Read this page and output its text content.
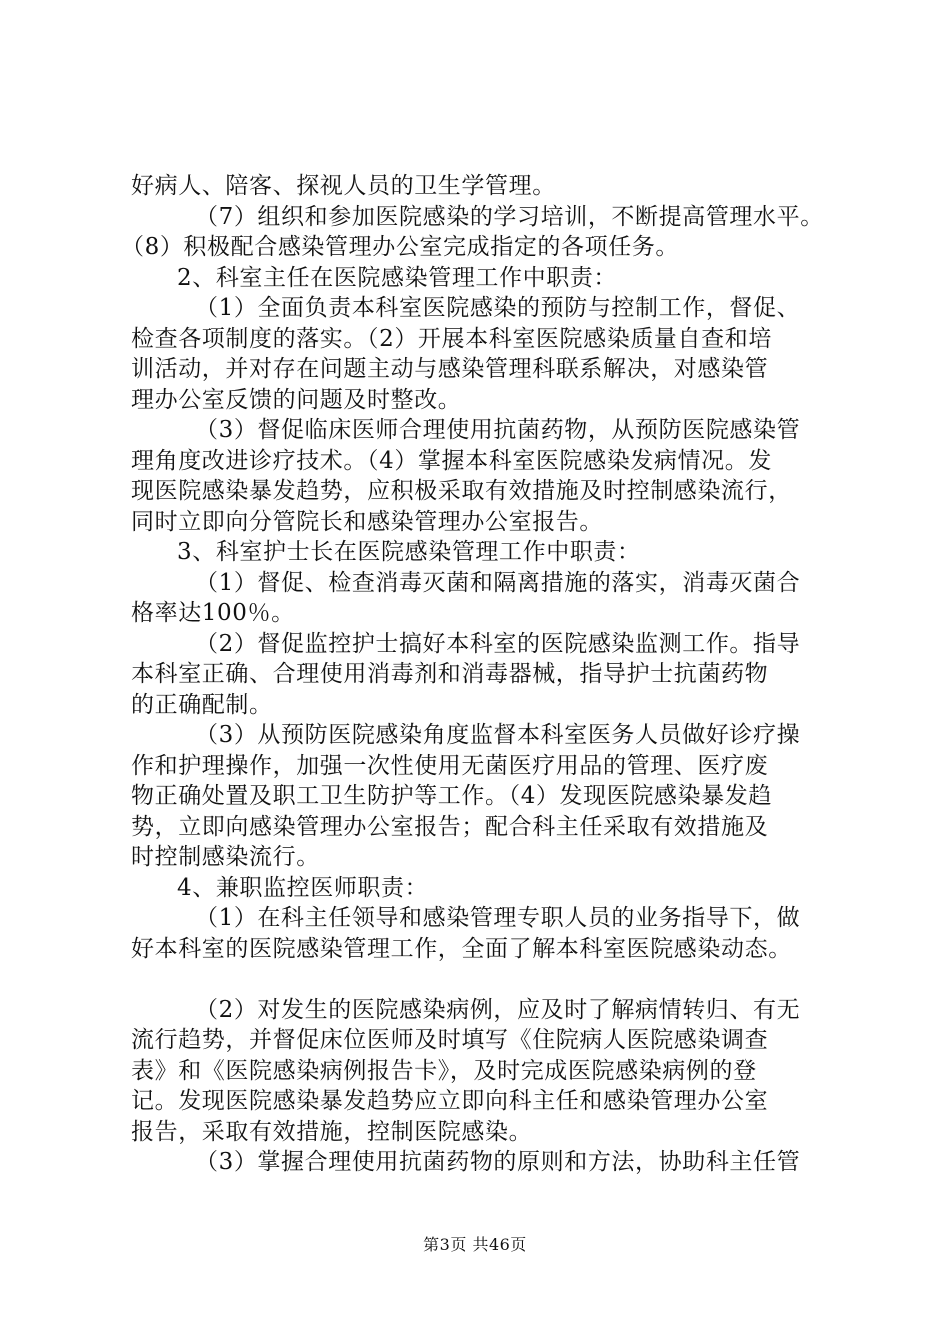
好病人、陪客、探视人员的卫生学管理。
（7）组织和参加医院感染的学习培训，不断提高管理水平。
（8）积极配合感染管理办公室完成指定的各项任务。
2、科室主任在医院感染管理工作中职责：
（1）全面负责本科室医院感染的预防与控制工作，督促、
检查各项制度的落实。（2）开展本科室医院感染质量自查和培
训活动，并对存在问题主动与感染管理科联系解决，对感染管
理办公室反馈的问题及时整改。
（3）督促临床医师合理使用抗菌药物，从预防医院感染管
理角度改进诊疗技术。（4）掌握本科室医院感染发病情况。发
现医院感染暴发趋势，应积极采取有效措施及时控制感染流行，
同时立即向分管院长和感染管理办公室报告。
3、科室护士长在医院感染管理工作中职责：
（1）督促、检查消毒灭菌和隔离措施的落实，消毒灭菌合
格率达100％。
（2）督促监控护士搞好本科室的医院感染监测工作。指导
本科室正确、合理使用消毒剂和消毒器械，指导护士抗菌药物
的正确配制。
（3）从预防医院感染角度监督本科室医务人员做好诊疗操
作和护理操作，加强一次性使用无菌医疗用品的管理、医疗废
物正确处置及职工卫生防护等工作。（4）发现医院感染暴发趋
势，立即向感染管理办公室报告；配合科主任采取有效措施及
时控制感染流行。
4、兼职监控医师职责：
（1）在科主任领导和感染管理专职人员的业务指导下，做
好本科室的医院感染管理工作，全面了解本科室医院感染动态。
（2）对发生的医院感染病例，应及时了解病情转归、有无
流行趋势，并督促床位医师及时填写《住院病人医院感染调查
表》和《医院感染病例报告卡》，及时完成医院感染病例的登
记。发现医院感染暴发趋势应立即向科主任和感染管理办公室
报告，采取有效措施，控制医院感染。
（3）掌握合理使用抗菌药物的原则和方法，协助科主任管
第3页 共46页
